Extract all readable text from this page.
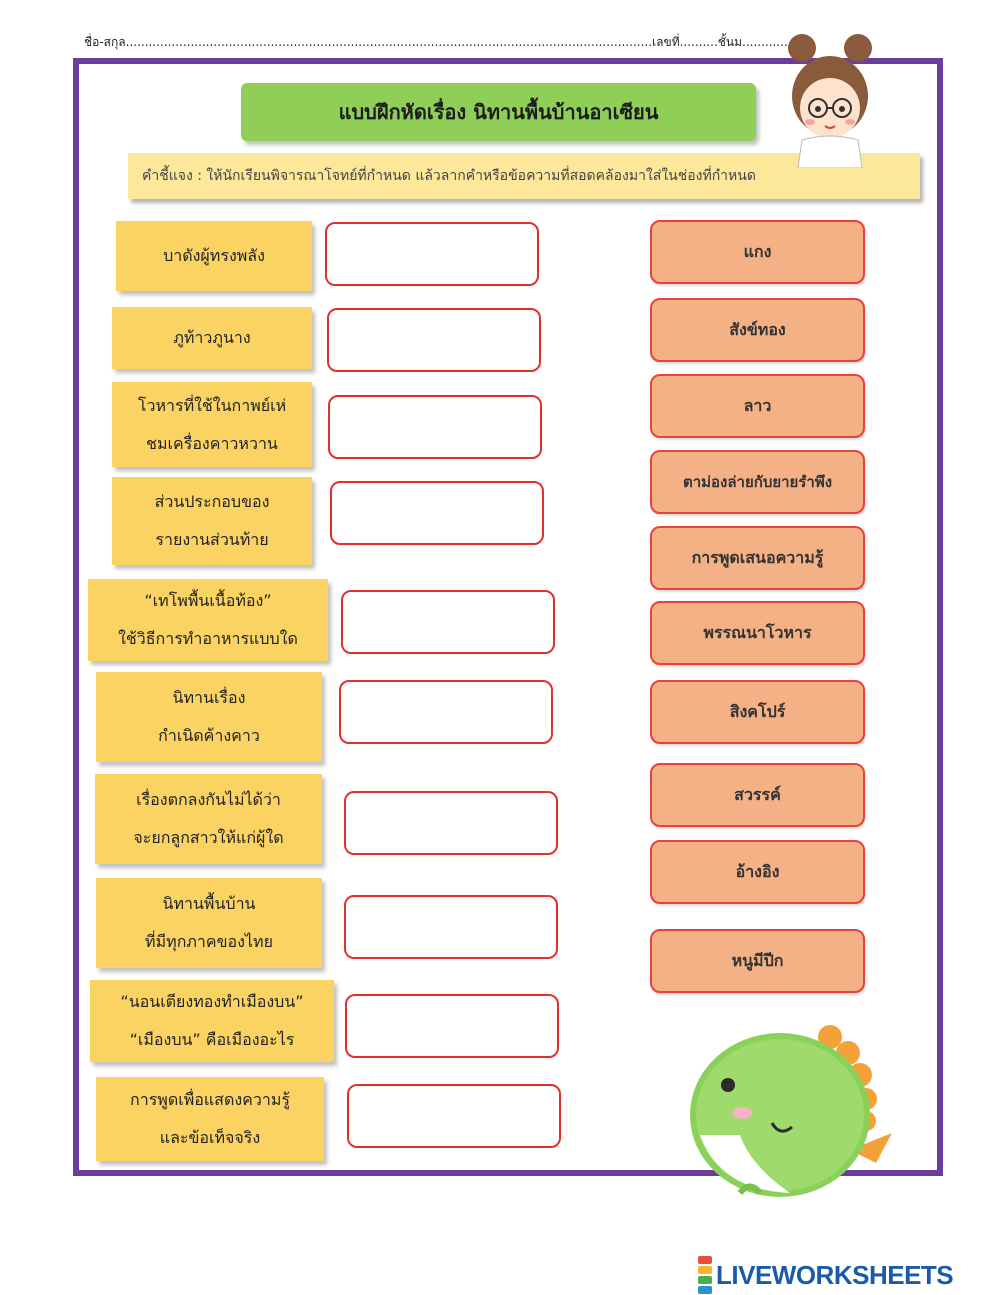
ชื่อ-สกุล..........................................................................................................................................เลขที่..........ชั้นม............
แบบฝึกหัดเรื่อง นิทานพื้นบ้านอาเซียน
คำชี้แจง : ให้นักเรียนพิจารณาโจทย์ที่กำหนด แล้วลากคำหรือข้อความที่สอดคล้องมาใส่ในช่องที่กำหนด
บาดังผู้ทรงพลัง
ภูท้าวภูนาง
โวหารที่ใช้ในกาพย์เห่
ชมเครื่องคาวหวาน
ส่วนประกอบของ
รายงานส่วนท้าย
“เทโพพื้นเนื้อท้อง”
ใช้วิธีการทำอาหารแบบใด
นิทานเรื่อง
กำเนิดค้างคาว
เรื่องตกลงกันไม่ได้ว่า
จะยกลูกสาวให้แก่ผู้ใด
นิทานพื้นบ้าน
ที่มีทุกภาคของไทย
“นอนเตียงทองทำเมืองบน”
“เมืองบน” คือเมืองอะไร
การพูดเพื่อแสดงความรู้
และข้อเท็จจริง
แกง
สังข์ทอง
ลาว
ตาม่องล่ายกับยายรำพึง
การพูดเสนอความรู้
พรรณนาโวหาร
สิงคโปร์
สวรรค์
อ้างอิง
หนูมีปีก
LIVEWORKSHEETS
